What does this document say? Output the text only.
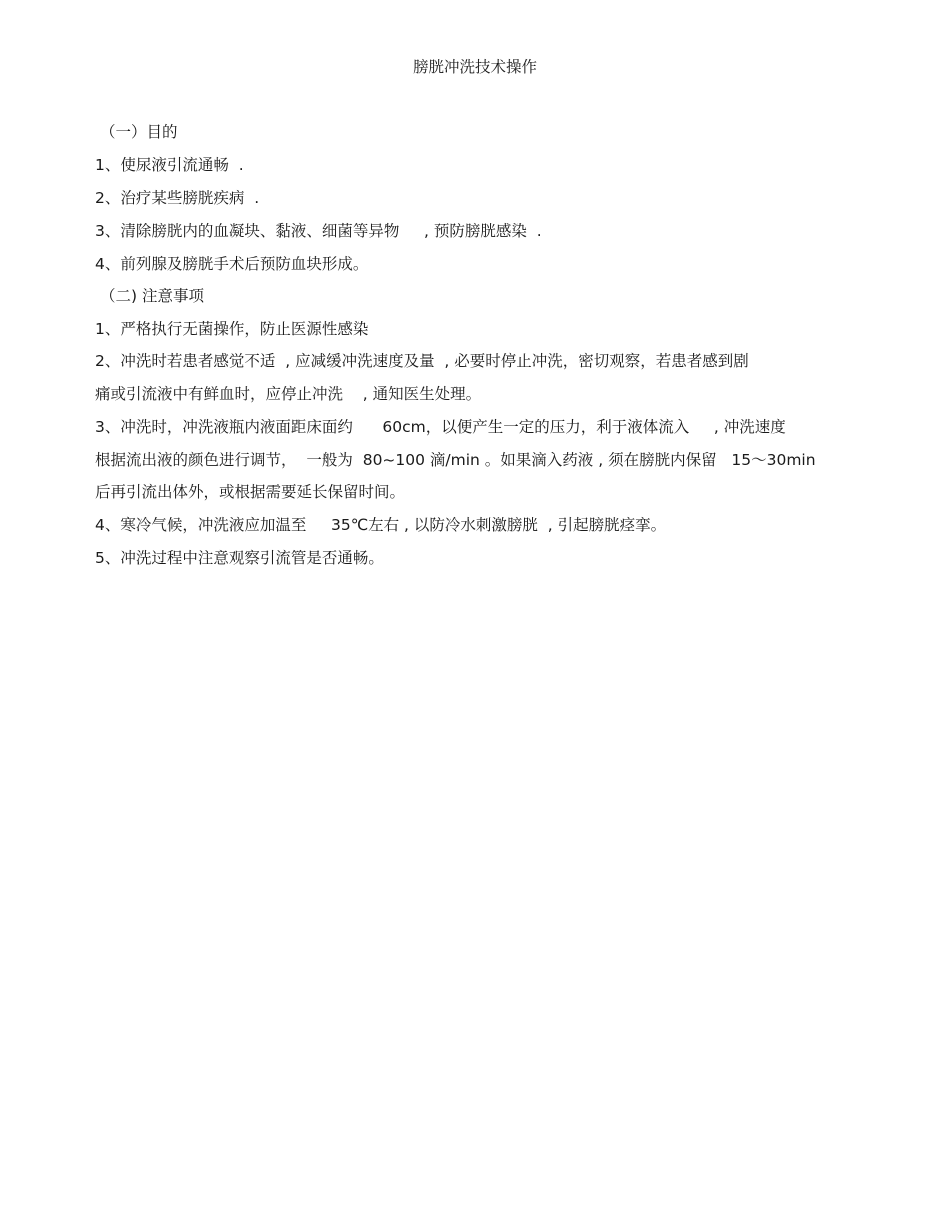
膀胱冲洗技术操作

（一）目的

1、使尿液引流通畅  .

2、治疗某些膀胱疾病  .

3、清除膀胱内的血凝块、黏液、细菌等异物     , 预防膀胱感染  .

4、前列腺及膀胱手术后预防血块形成。

（二) 注意事项

1、严格执行无菌操作，防止医源性感染

2、冲洗时若患者感觉不适  , 应减缓冲洗速度及量  , 必要时停止冲洗，密切观察，若患者感到剧

痛或引流液中有鲜血时，应停止冲洗    , 通知医生处理。

3、冲洗时，冲洗液瓶内液面距床面约      60cm，以便产生一定的压力，利于液体流入     , 冲洗速度

根据流出液的颜色进行调节，  一般为  80~100 滴/min 。如果滴入药液 , 须在膀胱内保留   15～30min

后再引流出体外，或根据需要延长保留时间。

4、寒冷气候，冲洗液应加温至     35℃左右 , 以防冷水刺激膀胱  , 引起膀胱痉挛。

5、冲洗过程中注意观察引流管是否通畅。
